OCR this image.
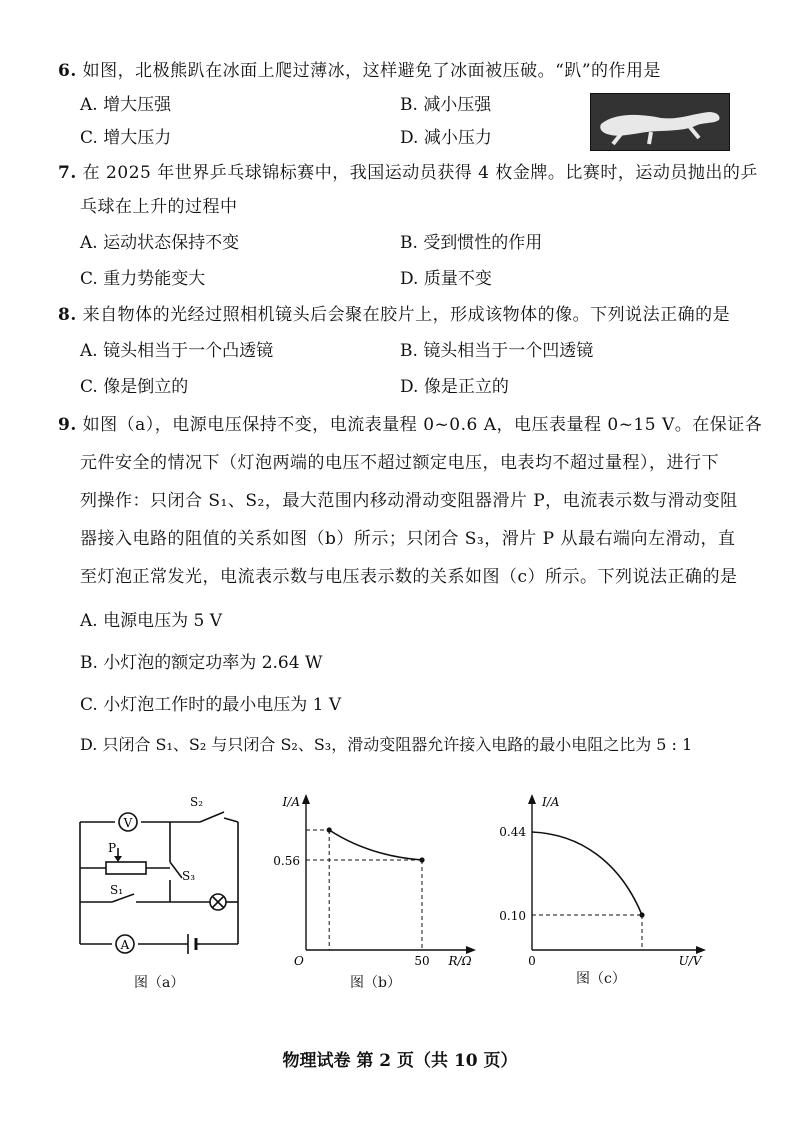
6. 如图，北极熊趴在冰面上爬过薄冰，这样避免了冰面被压破。“趴”的作用是
A. 增大压强	B. 减小压强
C. 增大压力	D. 减小压力
7. 在 2025 年世界乒乓球锦标赛中，我国运动员获得 4 枚金牌。比赛时，运动员抛出的乒
乓球在上升的过程中
A. 运动状态保持不变	B. 受到惯性的作用
C. 重力势能变大	D. 质量不变
8. 来自物体的光经过照相机镜头后会聚在胶片上，形成该物体的像。下列说法正确的是
A. 镜头相当于一个凸透镜	B. 镜头相当于一个凹透镜
C. 像是倒立的	D. 像是正立的
9. 如图（a），电源电压保持不变，电流表量程 0~0.6 A，电压表量程 0~15 V。在保证各
元件安全的情况下（灯泡两端的电压不超过额定电压，电表均不超过量程），进行下
列操作：只闭合 S₁、S₂，最大范围内移动滑动变阻器滑片 P，电流表示数与滑动变阻
器接入电路的阻值的关系如图（b）所示；只闭合 S₃，滑片 P 从最右端向左滑动，直
至灯泡正常发光，电流表示数与电压表示数的关系如图（c）所示。下列说法正确的是
A. 电源电压为 5 V
B. 小灯泡的额定功率为 2.64 W
C. 小灯泡工作时的最小电压为 1 V
D. 只闭合 S₁、S₂ 与只闭合 S₂、S₃，滑动变阻器允许接入电路的最小电阻之比为 5 : 1
V
A
P
S₁
S₂
S₃
图（a）
I/A
R/Ω
O
0.56
50
图（b）
I/A
U/V
0
0.44
0.10
图（c）
物理试卷 第 2 页（共 10 页）
